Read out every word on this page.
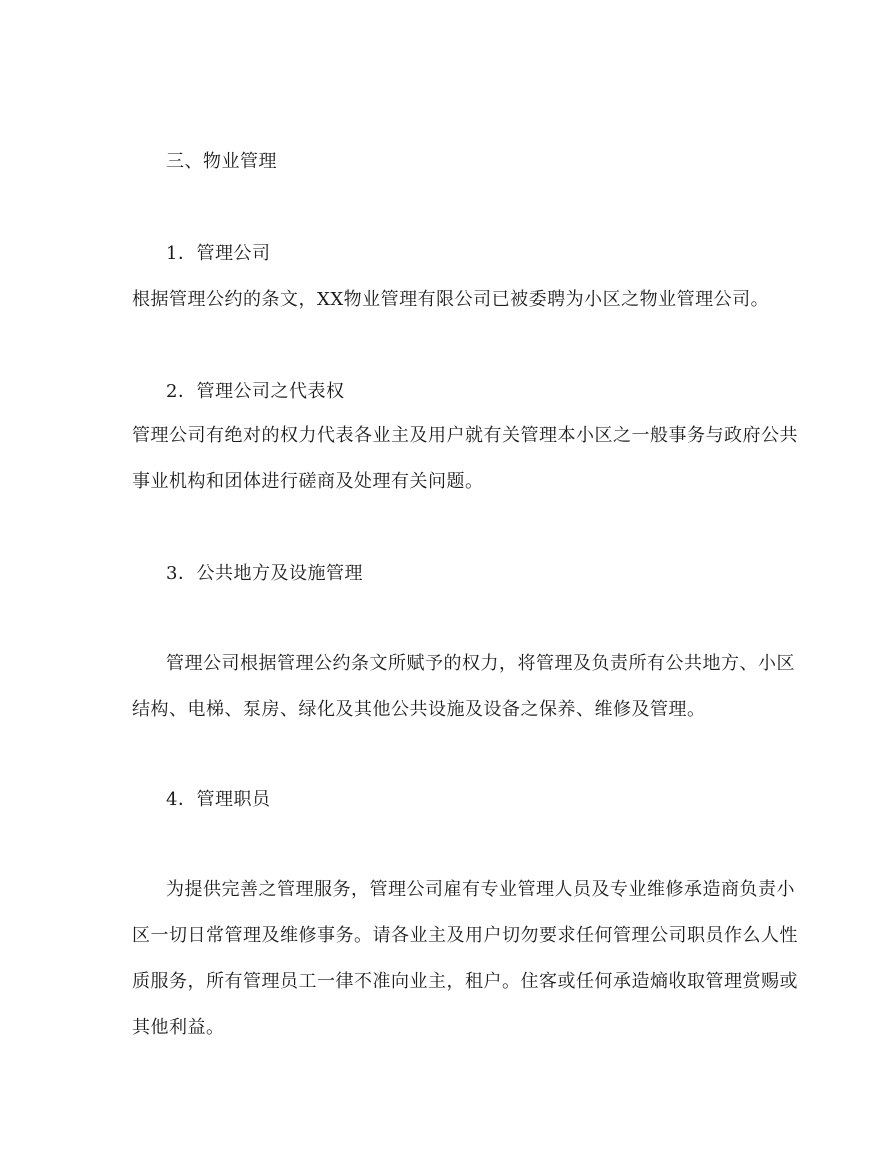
三、物业管理
1．管理公司
根据管理公约的条文，XX物业管理有限公司已被委聘为小区之物业管理公司。
2．管理公司之代表权
管理公司有绝对的权力代表各业主及用户就有关管理本小区之一般事务与政府公共
事业机构和团体进行磋商及处理有关问题。
3．公共地方及设施管理
管理公司根据管理公约条文所赋予的权力，将管理及负责所有公共地方、小区
结构、电梯、泵房、绿化及其他公共设施及设备之保养、维修及管理。
4．管理职员
为提供完善之管理服务，管理公司雇有专业管理人员及专业维修承造商负责小
区一切日常管理及维修事务。请各业主及用户切勿要求任何管理公司职员作么人性
质服务，所有管理员工一律不准向业主，租户。住客或任何承造熵收取管理赏赐或
其他利益。
